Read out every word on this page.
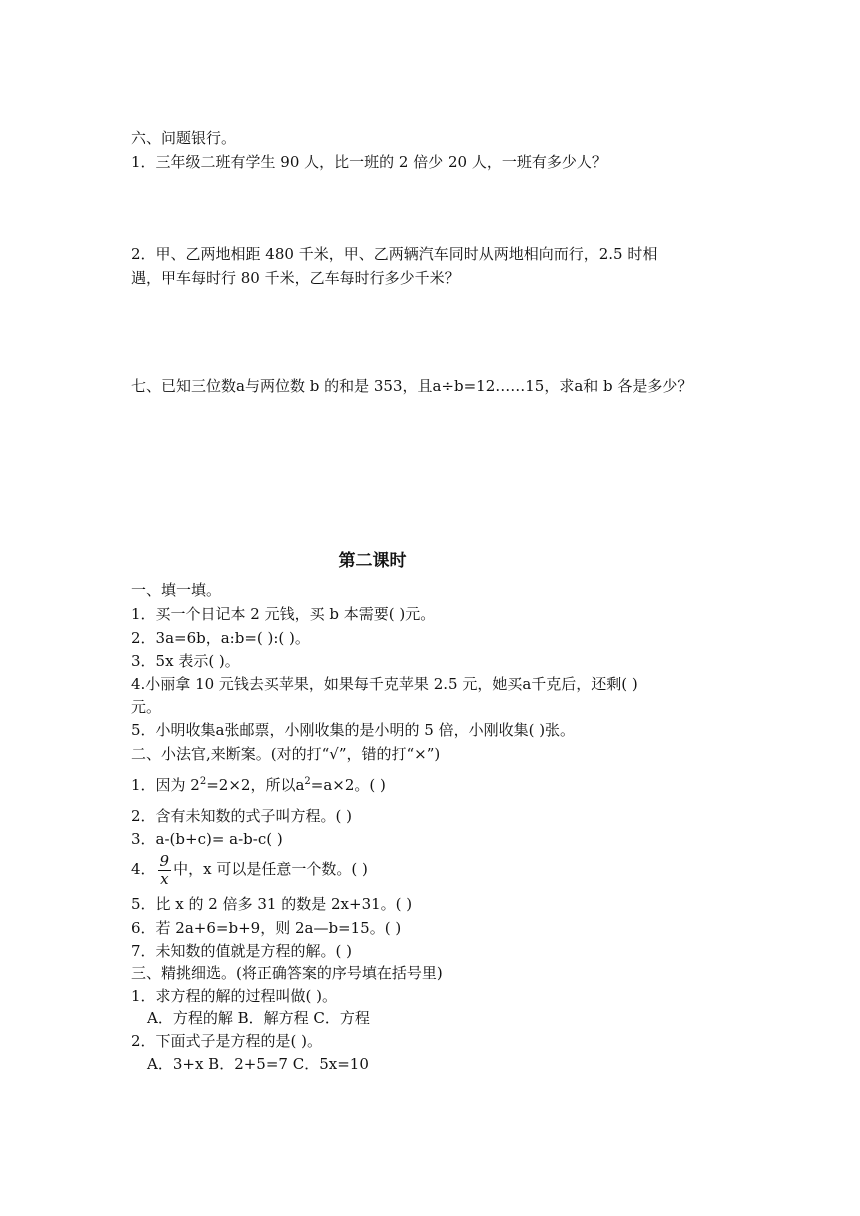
六、问题银行。
1．三年级二班有学生 90 人，比一班的 2 倍少 20 人，一班有多少人？
2．甲、乙两地相距 480 千米，甲、乙两辆汽车同时从两地相向而行，2.5 时相
遇，甲车每时行 80 千米，乙车每时行多少千米？
七、已知三位数a与两位数 b 的和是 353，且a÷b=12……15，求a和 b 各是多少？
第二课时
一、填一填。
1．买一个日记本 2 元钱，买 b 本需要( )元。
2．3a=6b，a:b=( ):( )。
3．5x 表示( )。
4.小丽拿 10 元钱去买苹果，如果每千克苹果 2.5 元，她买a千克后，还剩( )
元。
5．小明收集a张邮票，小刚收集的是小明的 5 倍，小刚收集( )张。
二、小法官,来断案。(对的打“√”，错的打“×”)
1．因为 $2^2=2\times 2$，所以$a^2=a\times 2$。( )
2．含有未知数的式子叫方程。( )
3．a-(b+c)= a-b-c( )
4． $\frac{9}{x}$ 中，x 可以是任意一个数。( )
5．比 x 的 2 倍多 31 的数是 2x+31。( )
6．若 2a+6=b+9，则 2a—b=15。( )
7．未知数的值就是方程的解。( )
三、精挑细选。(将正确答案的序号填在括号里)
1．求方程的解的过程叫做( )。
A．方程的解 B．解方程 C．方程
2．下面式子是方程的是( )。
A．3+x B．2+5=7 C．5x=10
